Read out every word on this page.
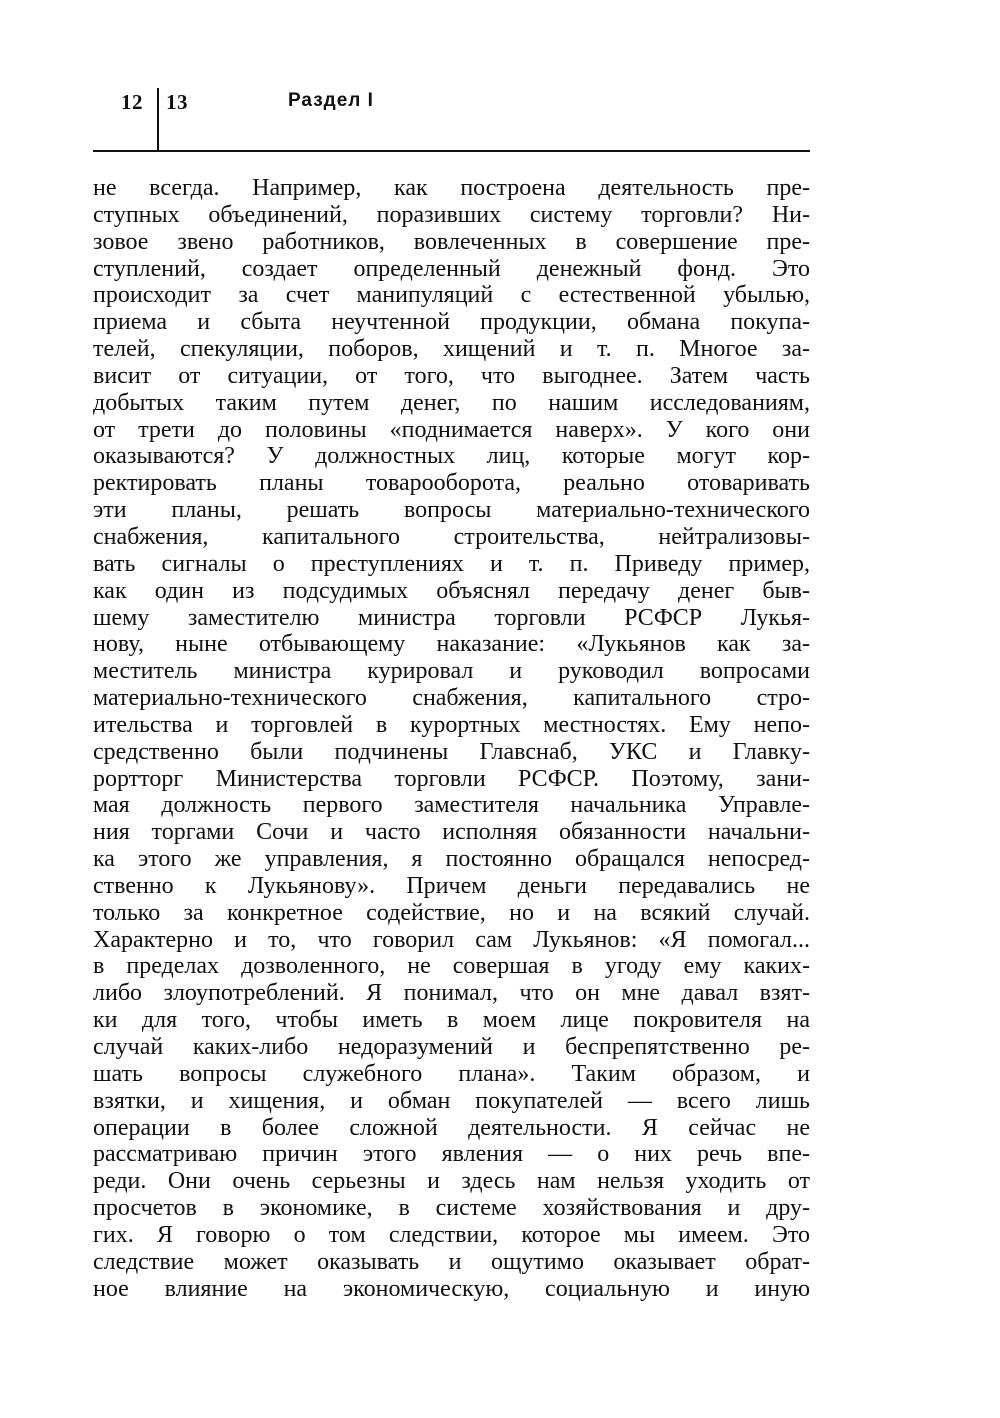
12 13	Раздел I
не всегда. Например, как построена деятельность пре-
ступных объединений, поразивших систему торговли? Ни-
зовое звено работников, вовлеченных в совершение пре-
ступлений, создает определенный денежный фонд. Это
происходит за счет манипуляций с естественной убылью,
приема и сбыта неучтенной продукции, обмана покупа-
телей, спекуляции, поборов, хищений и т. п. Многое за-
висит от ситуации, от того, что выгоднее. Затем часть
добытых таким путем денег, по нашим исследованиям,
от трети до половины «поднимается наверх». У кого они
оказываются? У должностных лиц, которые могут кор-
ректировать планы товарооборота, реально отоваривать
эти планы, решать вопросы материально-технического
снабжения, капитального строительства, нейтрализовы-
вать сигналы о преступлениях и т. п. Приведу пример,
как один из подсудимых объяснял передачу денег быв-
шему заместителю министра торговли РСФСР Лукья-
нову, ныне отбывающему наказание: «Лукьянов как за-
меститель министра курировал и руководил вопросами
материально-технического снабжения, капитального стро-
ительства и торговлей в курортных местностях. Ему непо-
средственно были подчинены Главснаб, УКС и Главку-
рортторг Министерства торговли РСФСР. Поэтому, зани-
мая должность первого заместителя начальника Управле-
ния торгами Сочи и часто исполняя обязанности начальни-
ка этого же управления, я постоянно обращался непосред-
ственно к Лукьянову». Причем деньги передавались не
только за конкретное содействие, но и на всякий случай.
Характерно и то, что говорил сам Лукьянов: «Я помогал...
в пределах дозволенного, не совершая в угоду ему каких-
либо злоупотреблений. Я понимал, что он мне давал взят-
ки для того, чтобы иметь в моем лице покровителя на
случай каких-либо недоразумений и беспрепятственно ре-
шать вопросы служебного плана». Таким образом, и
взятки, и хищения, и обман покупателей — всего лишь
операции в более сложной деятельности. Я сейчас не
рассматриваю причин этого явления — о них речь впе-
реди. Они очень серьезны и здесь нам нельзя уходить от
просчетов в экономике, в системе хозяйствования и дру-
гих. Я говорю о том следствии, которое мы имеем. Это
следствие может оказывать и ощутимо оказывает обрат-
ное влияние на экономическую, социальную и иную
